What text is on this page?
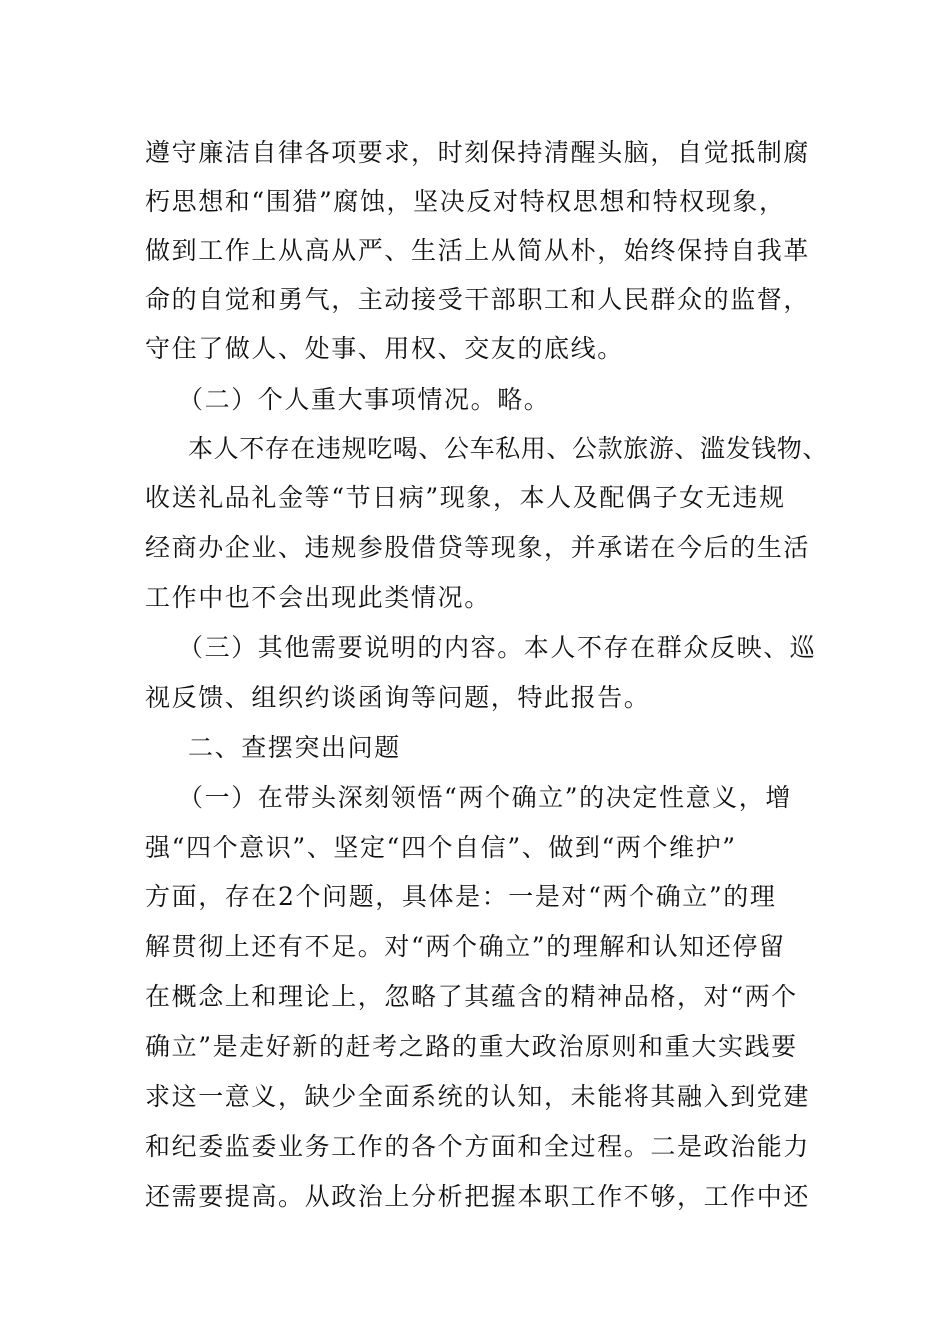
遵守廉洁自律各项要求，时刻保持清醒头脑，自觉抵制腐
朽思想和“围猎”腐蚀，坚决反对特权思想和特权现象，
做到工作上从高从严、生活上从简从朴，始终保持自我革
命的自觉和勇气，主动接受干部职工和人民群众的监督，
守住了做人、处事、用权、交友的底线。
（二）个人重大事项情况。略。
本人不存在违规吃喝、公车私用、公款旅游、滥发钱物、
收送礼品礼金等“节日病”现象，本人及配偶子女无违规
经商办企业、违规参股借贷等现象，并承诺在今后的生活
工作中也不会出现此类情况。
（三）其他需要说明的内容。本人不存在群众反映、巡
视反馈、组织约谈函询等问题，特此报告。
二、查摆突出问题
（一）在带头深刻领悟“两个确立”的决定性意义，增
强“四个意识”、坚定“四个自信”、做到“两个维护”
方面，存在2个问题，具体是：一是对“两个确立”的理
解贯彻上还有不足。对“两个确立”的理解和认知还停留
在概念上和理论上，忽略了其蕴含的精神品格，对“两个
确立”是走好新的赶考之路的重大政治原则和重大实践要
求这一意义，缺少全面系统的认知，未能将其融入到党建
和纪委监委业务工作的各个方面和全过程。二是政治能力
还需要提高。从政治上分析把握本职工作不够，工作中还
